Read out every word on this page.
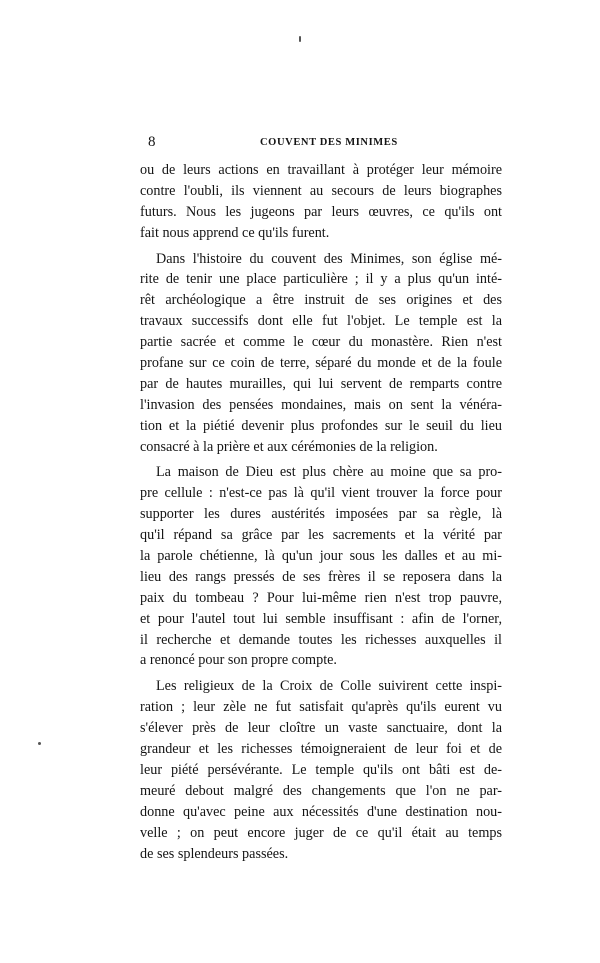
8	COUVENT DES MINIMES
ou de leurs actions en travaillant à protéger leur mémoire
contre l'oubli, ils viennent au secours de leurs biographes
futurs. Nous les jugeons par leurs œuvres, ce qu'ils ont
fait nous apprend ce qu'ils furent.
Dans l'histoire du couvent des Minimes, son église mé-
rite de tenir une place particulière ; il y a plus qu'un inté-
rêt archéologique a être instruit de ses origines et des
travaux successifs dont elle fut l'objet. Le temple est la
partie sacrée et comme le cœur du monastère. Rien n'est
profane sur ce coin de terre, séparé du monde et de la foule
par de hautes murailles, qui lui servent de remparts contre
l'invasion des pensées mondaines, mais on sent la vénéra-
tion et la piétié devenir plus profondes sur le seuil du lieu
consacré à la prière et aux cérémonies de la religion.
La maison de Dieu est plus chère au moine que sa pro-
pre cellule : n'est-ce pas là qu'il vient trouver la force pour
supporter les dures austérités imposées par sa règle, là
qu'il répand sa grâce par les sacrements et la vérité par
la parole chétienne, là qu'un jour sous les dalles et au mi-
lieu des rangs pressés de ses frères il se reposera dans la
paix du tombeau ? Pour lui-même rien n'est trop pauvre,
et pour l'autel tout lui semble insuffisant : afin de l'orner,
il recherche et demande toutes les richesses auxquelles il
a renoncé pour son propre compte.
Les religieux de la Croix de Colle suivirent cette inspi-
ration ; leur zèle ne fut satisfait qu'après qu'ils eurent vu
s'élever près de leur cloître un vaste sanctuaire, dont la
grandeur et les richesses témoigneraient de leur foi et de
leur piété persévérante. Le temple qu'ils ont bâti est de-
meuré debout malgré des changements que l'on ne par-
donne qu'avec peine aux nécessités d'une destination nou-
velle ; on peut encore juger de ce qu'il était au temps
de ses splendeurs passées.
